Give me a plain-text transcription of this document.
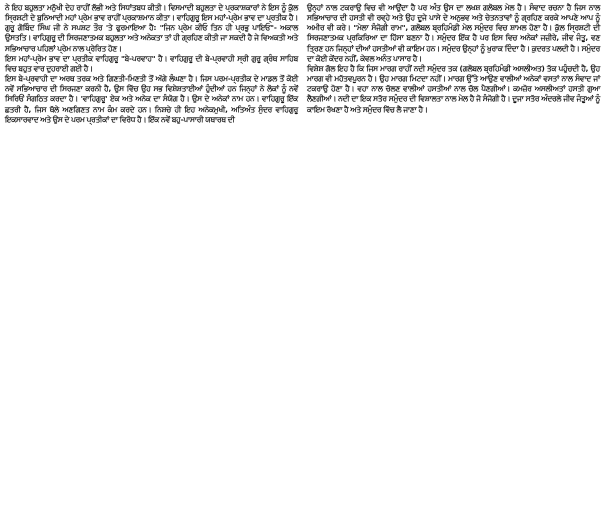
ਨੇ ਇਹ ਬਹੁਲਤਾ ਮਨੁੱਖੀ ਦੇਹ ਰਾਹੀਂ ਲੱਭੀ ਅਤੇ ਸਿਧਾਂਤਬਧ ਕੀਤੀ। ਵਿਸਮਾਦੀ ਬਹੁਲਤਾ ਦੇ ਪ੍ਰਕਾਸ਼ਕਾਰਾਂ ਨੇ ਇਸ ਨੂੰ ਕੁੱਲ ਸ੍ਰਿਸ਼ਟੀ ਦੇ ਬੁਨਿਆਦੀ ਮਹਾਂ ਪ੍ਰੇਮ ਭਾਵ ਰਾਹੀਂ ਪ੍ਰਕਾਸ਼ਮਾਨ ਕੀਤਾ। ਵਾਹਿਗੁਰੂ ਇਸ ਮਹਾਂ-ਪ੍ਰੇਮ ਭਾਵ ਦਾ ਪ੍ਰਤੀਕ ਹੈ। ਗੁਰੂ ਗੋਬਿੰਦ ਸਿੰਘ ਜੀ ਨੇ ਸਪਸ਼ਟ ਤੌਰ 'ਤੇ ਫੁਰਮਾਇਆ ਹੈ: "ਜਿਨ ਪ੍ਰੇਮ ਕੀਓ ਤਿਨ ਹੀ ਪ੍ਰਭੁ ਪਾਇਓ"- ਅਕਾਲ ਉਸਤਤਿ। ਵਾਹਿਗੁਰੂ ਦੀ ਸਿਰਜਣਾਤਮਕ ਬਹੁਲਤਾ ਅਤੇ ਅਨੇਕਤਾ ਤਾਂ ਹੀ ਗ੍ਰਹਿਣ ਕੀਤੀ ਜਾ ਸਕਦੀ ਹੈ ਜੇ ਵਿਅਕਤੀ ਅਤੇ ਸਭਿਆਚਾਰ ਪਹਿਲਾਂ ਪ੍ਰੇਮ ਨਾਲ ਪ੍ਰੇਰਿਤ ਹੋਣ।

ਇਸ ਮਹਾਂ-ਪ੍ਰੇਮ ਭਾਵ ਦਾ ਪ੍ਰਤੀਕ ਵਾਹਿਗੁਰੂ "ਬੇ-ਪਰਵਾਹ" ਹੈ। ਵਾਹਿਗੁਰੂ ਦੀ ਬੇ-ਪ੍ਰਵਾਹੀ ਸ੍ਰੀ ਗੁਰੂ ਗ੍ਰੰਥ ਸਾਹਿਬ ਵਿਚ ਬਹੁਤ ਵਾਰ ਦੁਹਰਾਈ ਗਈ ਹੈ।

ਇਸ ਬੇ-ਪ੍ਰਵਾਹੀ ਦਾ ਅਰਥ ਤਰਕ ਅਤੇ ਗਿਣਤੀ-ਮਿਣਤੀ ਤੋਂ ਅੱਗੇ ਲੰਘਣਾ ਹੈ। ਜਿਸ ਪਰਮ-ਪ੍ਰਤੀਕ ਦੇ ਮਾਡਲ ਤੋਂ ਕੋਈ ਨਵੇਂ ਸਭਿਆਚਾਰ ਦੀ ਸਿਰਜਣਾ ਕਰਨੀ ਹੈ, ਉਸ ਵਿੱਚ ਉਹ ਸਭ ਵਿਸ਼ੇਸ਼ਤਾਈਆਂ ਹੁੰਦੀਆਂ ਹਨ ਜਿਨ੍ਹਾਂ ਨੇ ਲੋਕਾਂ ਨੂੰ ਨਵੇਂ ਸਿਰਿਓਂ ਸੰਗਠਿਤ ਕਰਦਾ ਹੈ। 'ਵਾਹਿਗੁਰੂ' ਏਕ ਅਤੇ ਅਨੇਕ ਦਾ ਸੰਯੋਗ ਹੈ। ਉਸ ਦੇ ਅਨੇਕਾਂ ਨਾਮ ਹਨ। ਵਾਹਿਗੁਰੂ ਇੱਕ ਛਤਰੀ ਹੈ, ਜਿਸ ਥੱਲੇ ਅਣਗਿਣਤ ਨਾਮ ਕੰਮ ਕਰਦੇ ਹਨ। ਨਿਸ਼ਚੇ ਹੀ ਇਹ ਅਨੇਕਮੁਖੀ, ਅਤਿਅੰਤ ਸੁੰਦਰ ਵਾਹਿਗੁਰੂ ਇਕਸਾਰਵਾਦ ਅਤੇ ਉਸ ਦੇ ਪਰਮ ਪ੍ਰਤੀਕਾਂ ਦਾ ਵਿਰੋਧ ਹੈ। ਇੱਕ ਨਵੇਂ ਬਹੁ-ਪਾਸਾਰੀ ਯਥਾਰਥ ਦੀ

ਉਨ੍ਹਾਂ ਨਾਲ ਟਕਰਾਉ ਵਿਚ ਵੀ ਆਉਂਦਾ ਹੈ ਪਰ ਅੰਤ ਉਸ ਦਾ ਲਖਸ਼ ਗਲੋਬਲ ਮੇਲ ਹੈ। ਸੰਵਾਦ ਰਚਨਾ ਹੈ ਜਿਸ ਨਾਲ ਸਭਿਆਚਾਰ ਦੀ ਹਸਤੀ ਵੀ ਰਵ੍ਹੇ ਅਤੇ ਉਹ ਦੂਜੇ ਪਾਸੇ ਦੇ ਅਨੁਭਵ ਅਤੇ ਚੇਤਨਤਾਵਾਂ ਨੂੰ ਗ੍ਰਹਿਣ ਕਰਕੇ ਆਪਣੇ ਆਪ ਨੂੰ ਅਮੀਰ ਵੀ ਕਰੇ। "ਮੇਲਾ ਸੰਜੋਗੀ ਰਾਮ", ਗਲੋਬਲ ਬ੍ਰਹਿਮੰਡੀ ਮੇਲ ਸਮੁੰਦਰ ਵਿਚ ਸ਼ਾਮਲ ਹੋਣਾ ਹੈ। ਕੁੱਲ ਸ੍ਰਿਸ਼ਟੀ ਦੀ ਸਿਰਜਣਾਤਮਕ ਪ੍ਰਕਿਰਿਆ ਦਾ ਹਿੱਸਾ ਬਣਨਾ ਹੈ। ਸਮੁੰਦਰ ਇੱਕ ਹੈ ਪਰ ਇਸ ਵਿਚ ਅਨੇਕਾਂ ਜਜ਼ੀਰੇ, ਜੀਵ ਜੰਤੂ, ਵਣ ਤ੍ਰਿਣ ਹਨ ਜਿਨ੍ਹਾਂ ਦੀਆਂ ਹਸਤੀਆਂ ਵੀ ਕਾਇਮ ਹਨ। ਸਮੁੰਦਰ ਉਨ੍ਹਾਂ ਨੂੰ ਖੁਰਾਕ ਦਿੰਦਾ ਹੈ। ਕੁਦਰਤ ਪਲਦੀ ਹੈ। ਸਮੁੰਦਰ ਦਾ ਕੋਈ ਕੇਂਦਰ ਨਹੀਂ, ਕੇਵਲ ਅਨੰਤ ਪਾਸਾਰ ਹੈ।

ਵਿਸ਼ੇਸ਼ ਗੱਲ ਇਹ ਹੈ ਕਿ ਜਿਸ ਮਾਰਗ ਰਾਹੀਂ ਨਦੀ ਸਮੁੰਦਰ ਤਕ (ਗਲੋਬਲ ਬ੍ਰਹਿਮੰਡੀ ਅਸਲੀਅਤ) ਤੱਕ ਪਹੁੰਚਦੀ ਹੈ, ਉਹ ਮਾਰਗ ਵੀ ਮਹੱਤਵਪੂਰਨ ਹੈ। ਉਹ ਮਾਰਗ ਮਿਟਦਾ ਨਹੀਂ। ਮਾਰਗ ਉੱਤੇ ਆਉਣ ਵਾਲੀਆਂ ਅਨੇਕਾਂ ਵਸਤਾਂ ਨਾਲ ਸੰਵਾਦ ਜਾਂ ਟਕਰਾਉ ਹੋਣਾ ਹੈ। ਵਹਾ ਨਾਲ ਚੱਲਣ ਵਾਲੀਆਂ ਹਸਤੀਆਂ ਨਾਲ ਚੱਲ ਪੈਣਗੀਆਂ। ਕਮਜ਼ੋਰ ਅਸਲੀਅਤਾਂ ਹਸਤੀ ਗੁਆ ਲੈਣਗੀਆਂ। ਨਦੀ ਦਾ ਇਕ ਸਤੱਰ ਸਮੁੰਦਰ ਦੀ ਵਿਸ਼ਾਲਤਾ ਨਾਲ ਮੇਲ ਹੈ ਜੋ ਸੰਜੋਗੀ ਹੈ। ਦੂਜਾ ਸਤੱਰ ਅੰਦਰਲੇ ਜੀਵ ਜੰਤੂਆਂ ਨੂੰ ਕਾਇਮ ਰੱਖਣਾ ਹੈ ਅਤੇ ਸਮੁੰਦਰ ਵਿੱਚ ਲੈ ਜਾਣਾ ਹੈ।
